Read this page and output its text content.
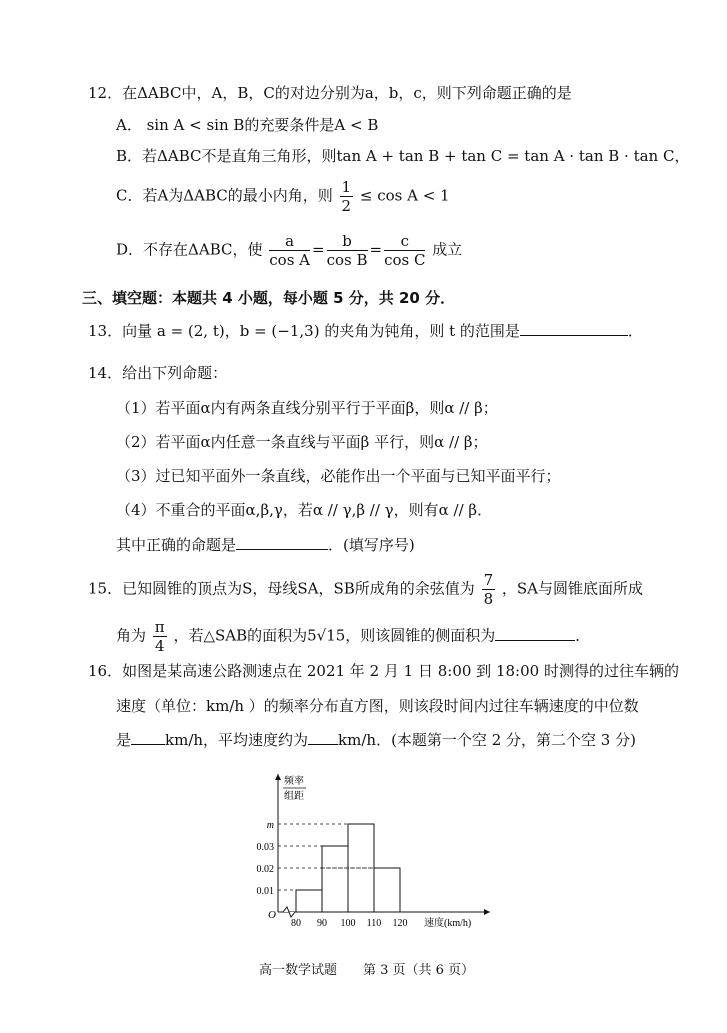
12．在ΔABC中，A，B，C的对边分别为a，b，c，则下列命题正确的是
A． sin A < sin B的充要条件是A < B
B．若ΔABC不是直角三角形，则tan A + tan B + tan C = tan A · tan B · tan C，
C．若A为ΔABC的最小内角，则 $\frac{1}{2} \le \cos A < 1$
D．不存在ΔABC，使 $\frac{a}{\text{cos A}} = \frac{b}{\text{cos B}} = \frac{c}{\text{cos C}}$ 成立
三、填空题：本题共 4 小题，每小题 5 分，共 20 分．
13．向量 a = (2, t)，b = (−1,3) 的夹角为钝角，则 t 的范围是	．
14．给出下列命题：
（1）若平面α内有两条直线分别平行于平面β，则α // β；
（2）若平面α内任意一条直线与平面β 平行，则α // β；
（3）过已知平面外一条直线，必能作出一个平面与已知平面平行；
（4）不重合的平面α,β,γ，若α // γ,β // γ，则有α // β．
其中正确的命题是	．(填写序号)
15．已知圆锥的顶点为S，母线SA，SB所成角的余弦值为 $\frac{7}{8}$ ，SA与圆锥底面所成
角为 $\frac{\pi}{4}$ ，若△SAB的面积为5√15，则该圆锥的侧面积为	．
16．如图是某高速公路测速点在 2021 年 2 月 1 日 8:00 到 18:00 时测得的过往车辆的
速度（单位：km/h ）的频率分布直方图，则该段时间内过往车辆速度的中位数
是 km/h，平均速度约为 km/h．(本题第一个空 2 分，第二个空 3 分)
0.01
0.02
0.03
m
80 90 100 110 120
O
速度(km/h)
频率
组距
高一数学试题　　第 3 页（共 6 页）
